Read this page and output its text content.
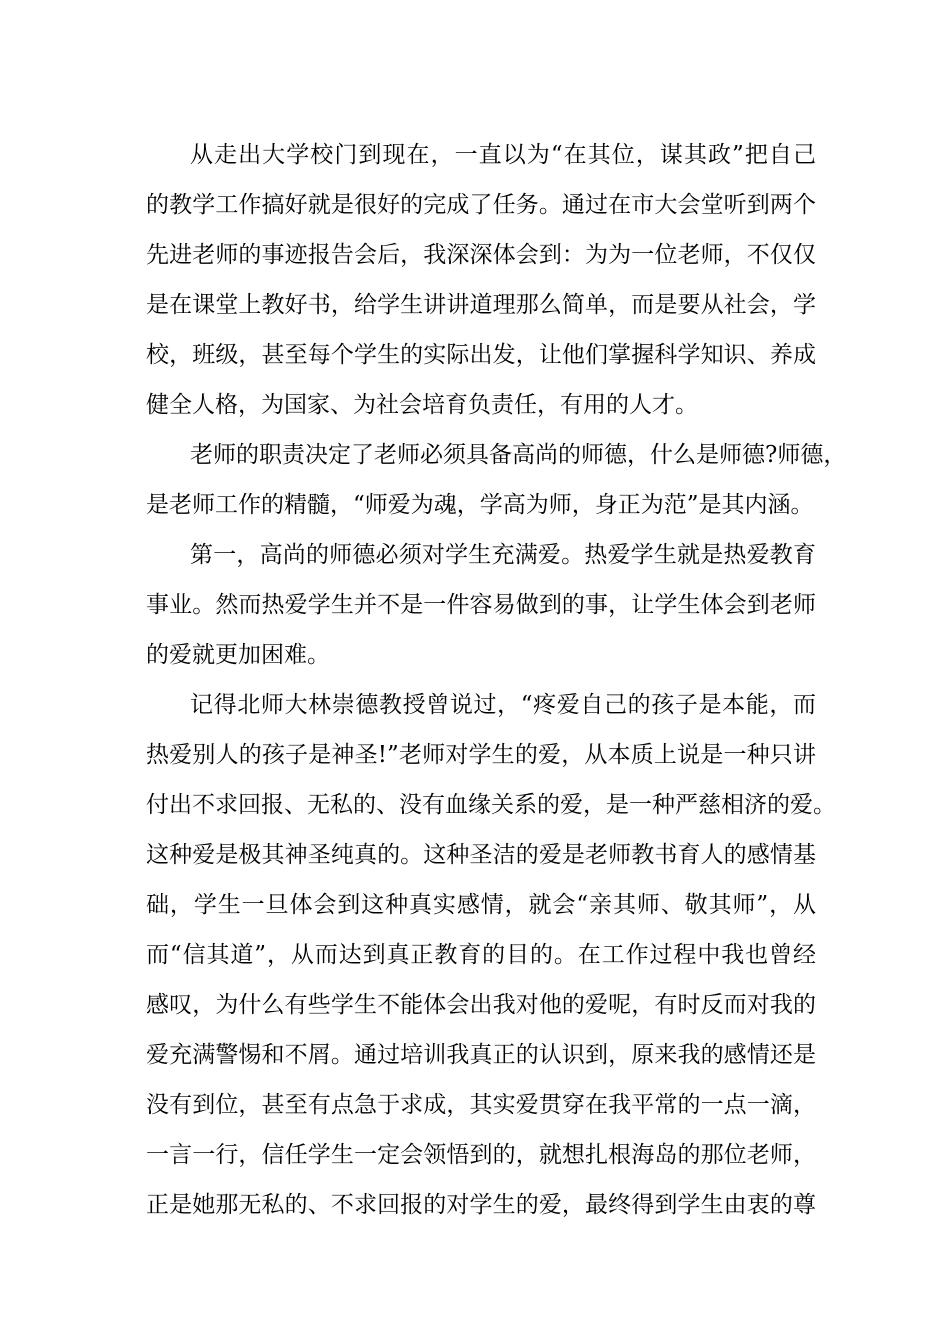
从走出大学校门到现在，一直以为“在其位，谋其政”把自己
的教学工作搞好就是很好的完成了任务。通过在市大会堂听到两个
先进老师的事迹报告会后，我深深体会到：为为一位老师，不仅仅
是在课堂上教好书，给学生讲讲道理那么简单，而是要从社会，学
校，班级，甚至每个学生的实际出发，让他们掌握科学知识、养成
健全人格，为国家、为社会培育负责任，有用的人才。
老师的职责决定了老师必须具备高尚的师德，什么是师德?师德，
是老师工作的精髓，“师爱为魂，学高为师，身正为范”是其内涵。
第一，高尚的师德必须对学生充满爱。热爱学生就是热爱教育
事业。然而热爱学生并不是一件容易做到的事，让学生体会到老师
的爱就更加困难。
记得北师大林崇德教授曾说过，“疼爱自己的孩子是本能，而
热爱别人的孩子是神圣!”老师对学生的爱，从本质上说是一种只讲
付出不求回报、无私的、没有血缘关系的爱，是一种严慈相济的爱。
这种爱是极其神圣纯真的。这种圣洁的爱是老师教书育人的感情基
础，学生一旦体会到这种真实感情，就会“亲其师、敬其师”，从
而“信其道”，从而达到真正教育的目的。在工作过程中我也曾经
感叹，为什么有些学生不能体会出我对他的爱呢，有时反而对我的
爱充满警惕和不屑。通过培训我真正的认识到，原来我的感情还是
没有到位，甚至有点急于求成，其实爱贯穿在我平常的一点一滴，
一言一行，信任学生一定会领悟到的，就想扎根海岛的那位老师，
正是她那无私的、不求回报的对学生的爱，最终得到学生由衷的尊
